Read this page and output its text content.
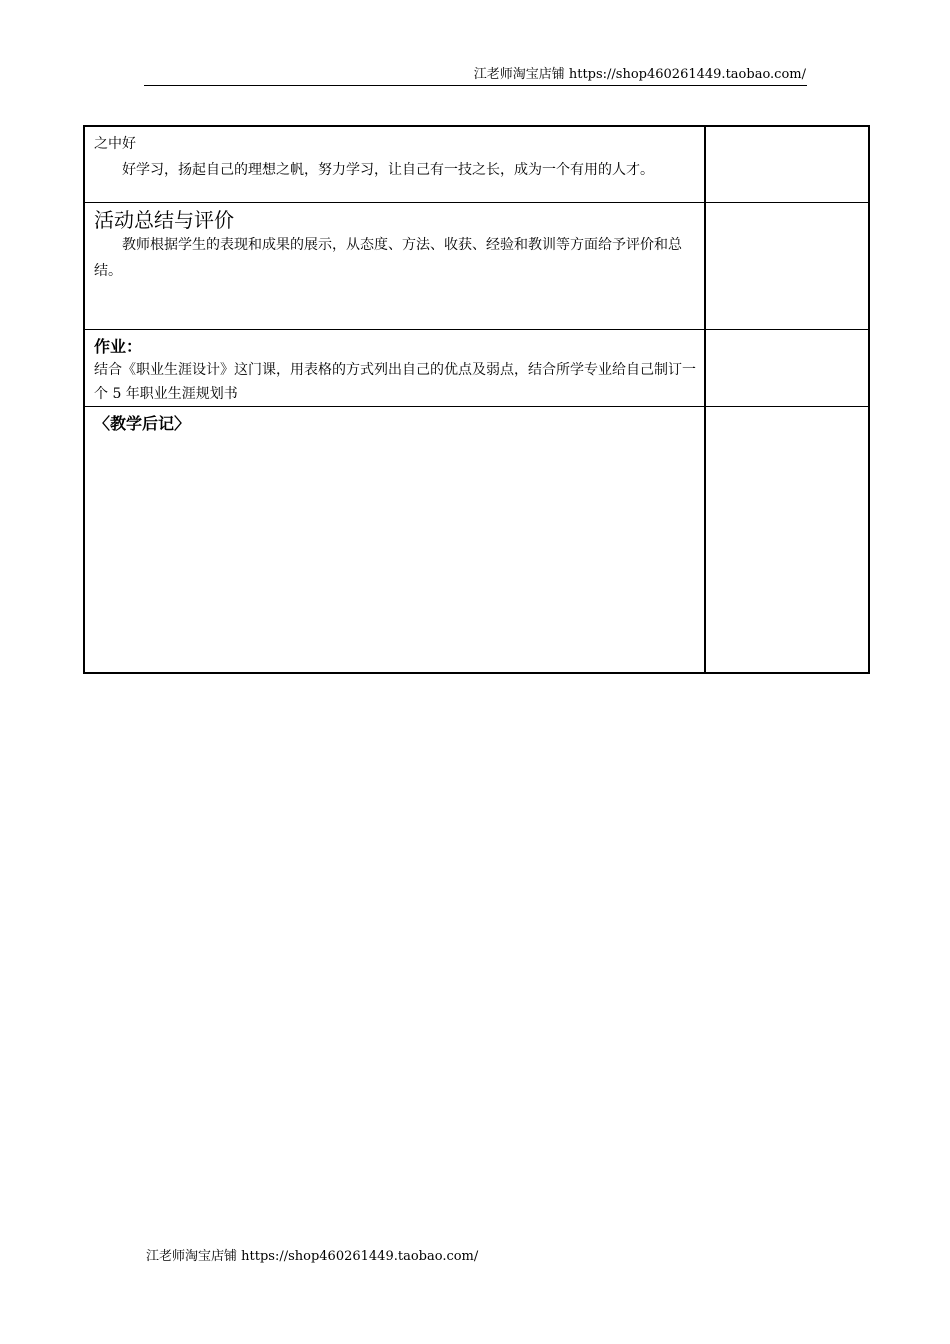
江老师淘宝店铺 https://shop460261449.taobao.com/
之中好
好学习，扬起自己的理想之帆，努力学习，让自己有一技之长，成为一个有用的人才。	

活动总结与评价
教师根据学生的表现和成果的展示，从态度、方法、收获、经验和教训等方面给予评价和总结。	

作业：
结合《职业生涯设计》这门课，用表格的方式列出自己的优点及弱点，结合所学专业给自己制订一个 5 年职业生涯规划书	

〈教学后记〉	

江老师淘宝店铺 https://shop460261449.taobao.com/
